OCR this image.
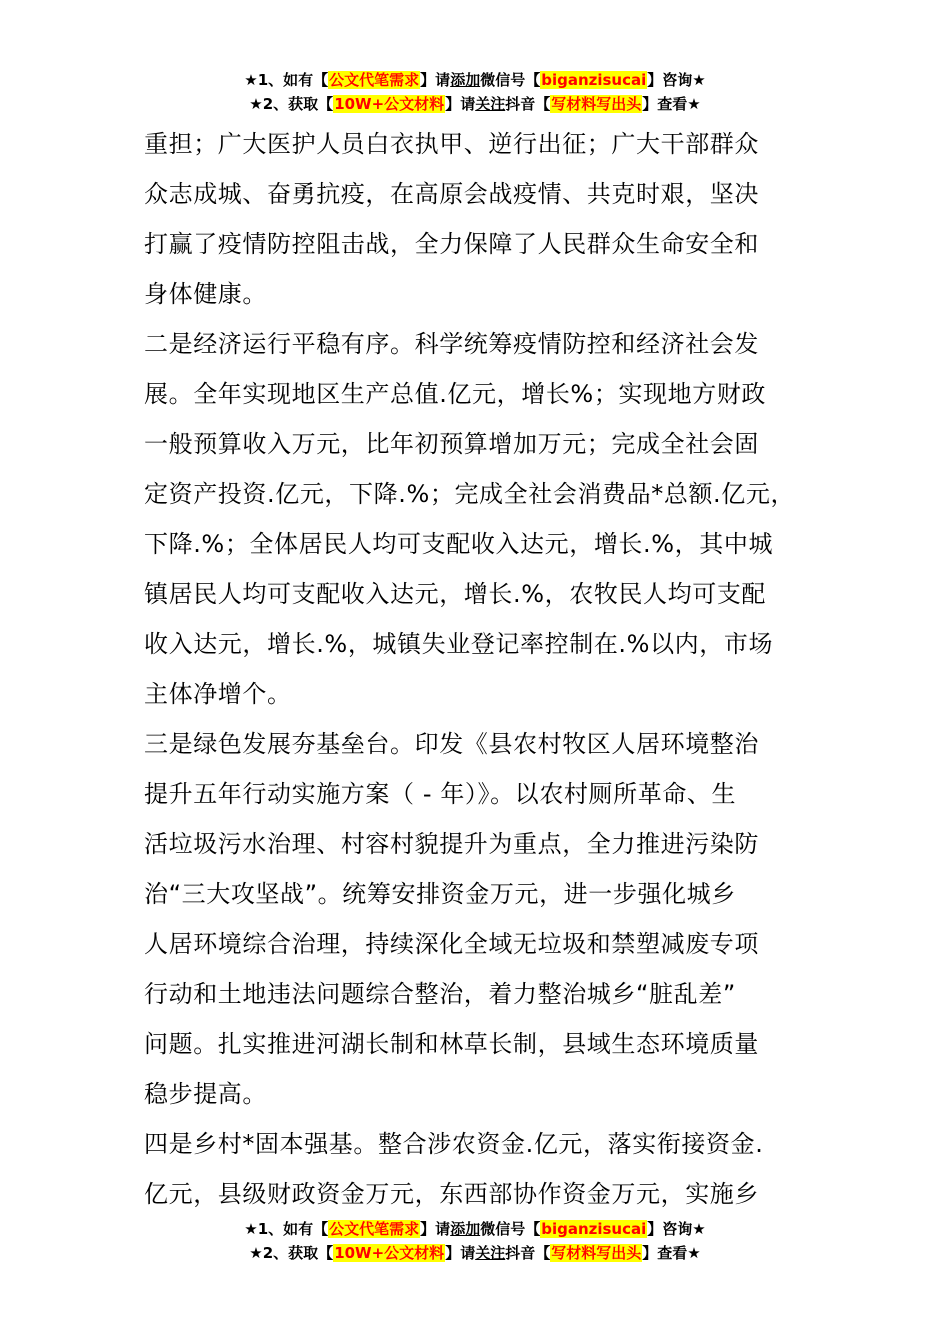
★1、如有【公文代笔需求】请添加微信号【biganzisucai】咨询★
★2、获取【10W+公文材料】请关注抖音【写材料写出头】查看★
重担；广大医护人员白衣执甲、逆行出征；广大干部群众
众志成城、奋勇抗疫，在高原会战疫情、共克时艰，坚决
打赢了疫情防控阻击战，全力保障了人民群众生命安全和
身体健康。
二是经济运行平稳有序。科学统筹疫情防控和经济社会发
展。全年实现地区生产总值.亿元，增长%；实现地方财政
一般预算收入万元，比年初预算增加万元；完成全社会固
定资产投资.亿元，下降.%；完成全社会消费品*总额.亿元，
下降.%；全体居民人均可支配收入达元，增长.%，其中城
镇居民人均可支配收入达元，增长.%，农牧民人均可支配
收入达元，增长.%，城镇失业登记率控制在.%以内，市场
主体净增个。
三是绿色发展夯基垒台。印发《县农村牧区人居环境整治
提升五年行动实施方案（ - 年）》。以农村厕所革命、生
活垃圾污水治理、村容村貌提升为重点，全力推进污染防
治“三大攻坚战”。统筹安排资金万元，进一步强化城乡
人居环境综合治理，持续深化全域无垃圾和禁塑减废专项
行动和土地违法问题综合整治，着力整治城乡“脏乱差”
问题。扎实推进河湖长制和林草长制，县域生态环境质量
稳步提高。
四是乡村*固本强基。整合涉农资金.亿元，落实衔接资金.
亿元，县级财政资金万元，东西部协作资金万元，实施乡
★1、如有【公文代笔需求】请添加微信号【biganzisucai】咨询★
★2、获取【10W+公文材料】请关注抖音【写材料写出头】查看★
